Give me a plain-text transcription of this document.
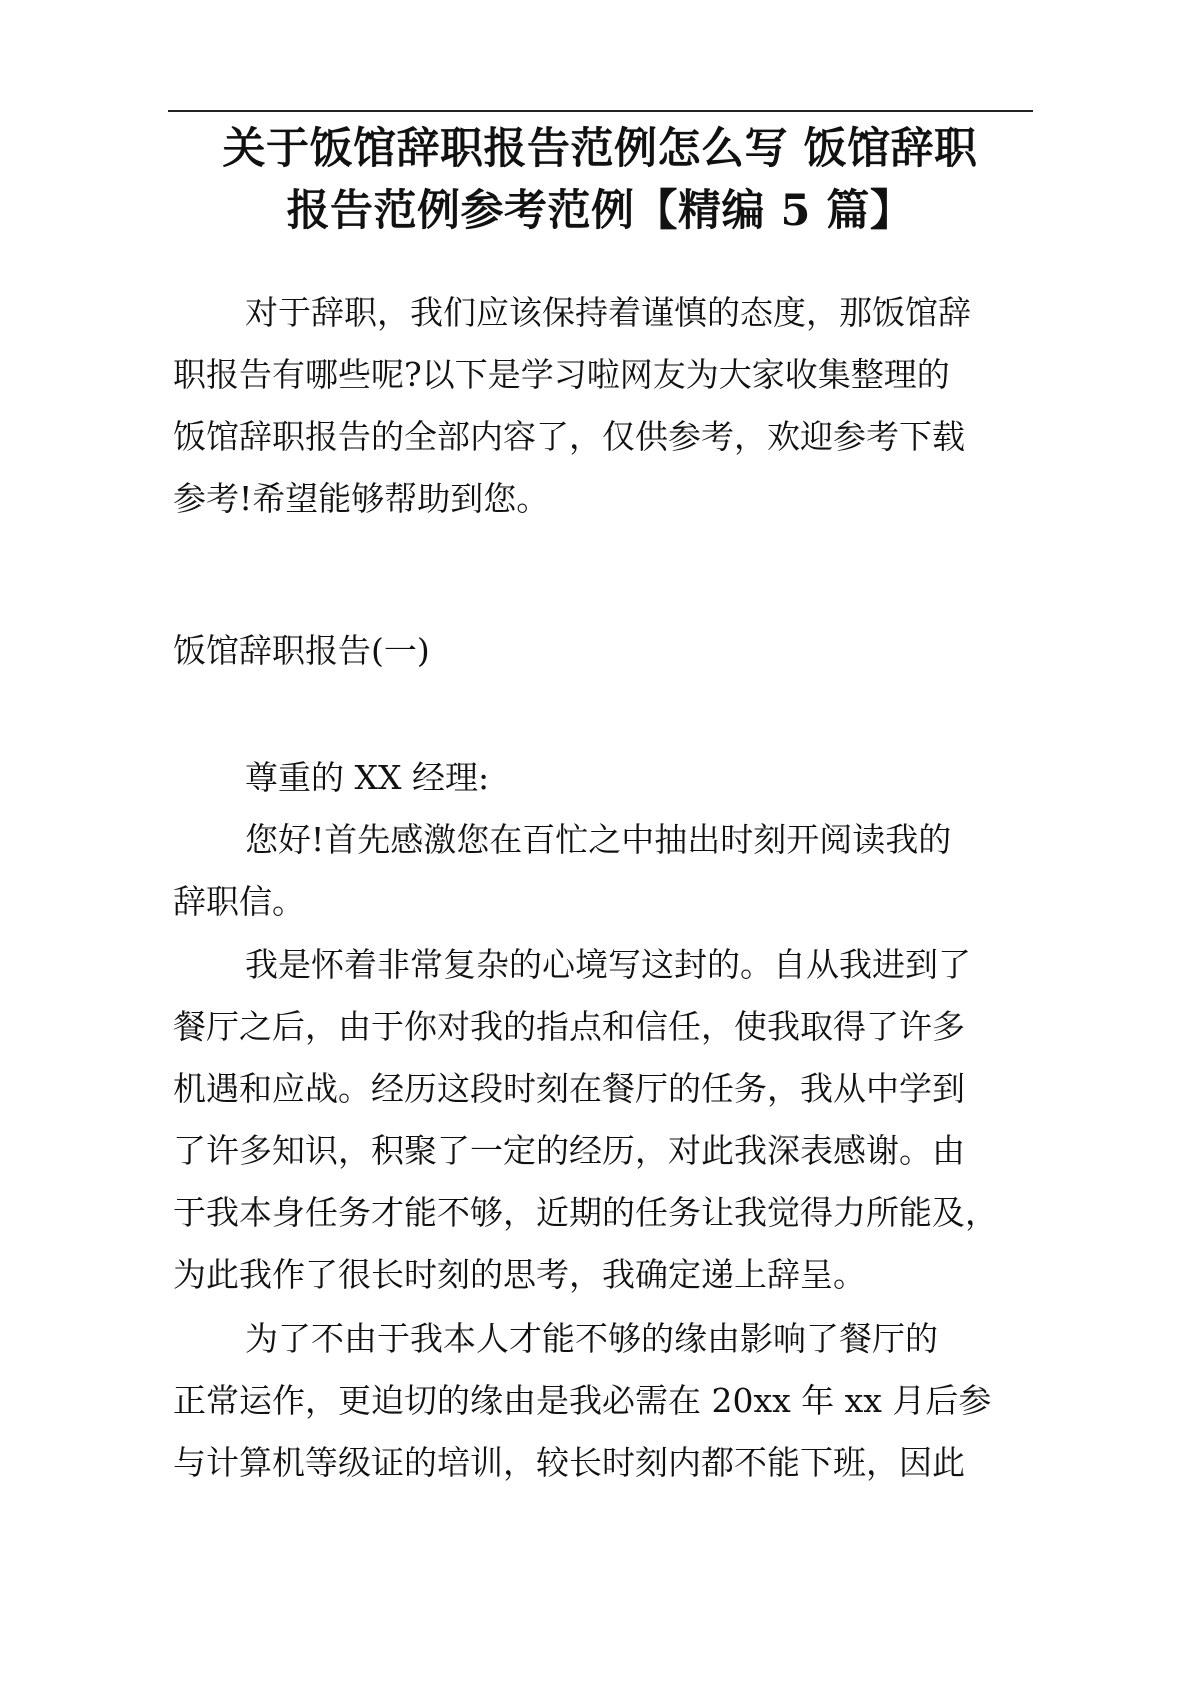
关于饭馆辞职报告范例怎么写 饭馆辞职
报告范例参考范例【精编 5 篇】

对于辞职，我们应该保持着谨慎的态度，那饭馆辞
职报告有哪些呢?以下是学习啦网友为大家收集整理的
饭馆辞职报告的全部内容了，仅供参考，欢迎参考下载
参考!希望能够帮助到您。

饭馆辞职报告(一)

尊重的 XX 经理:

您好!首先感激您在百忙之中抽出时刻开阅读我的
辞职信。

我是怀着非常复杂的心境写这封的。自从我进到了
餐厅之后，由于你对我的指点和信任，使我取得了许多
机遇和应战。经历这段时刻在餐厅的任务，我从中学到
了许多知识，积聚了一定的经历，对此我深表感谢。由
于我本身任务才能不够，近期的任务让我觉得力所能及，
为此我作了很长时刻的思考，我确定递上辞呈。

为了不由于我本人才能不够的缘由影响了餐厅的
正常运作，更迫切的缘由是我必需在 20xx 年 xx 月后参
与计算机等级证的培训，较长时刻内都不能下班，因此
